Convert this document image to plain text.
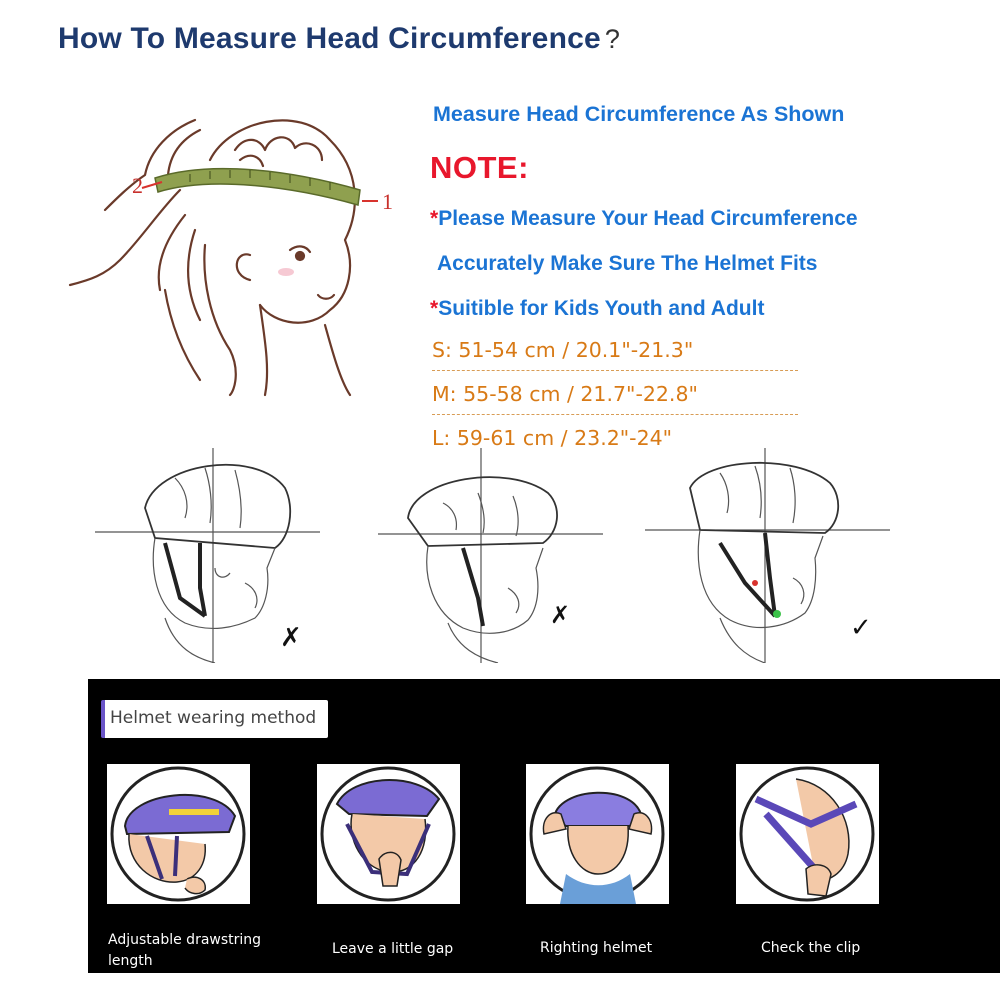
How To Measure Head Circumference ?
2
1
Measure Head Circumference As Shown
NOTE:
*Please Measure Your Head Circumference
Accurately Make Sure The Helmet Fits
*Suitible for Kids Youth and Adult
S: 51-54 cm / 20.1"-21.3"
M: 55-58 cm / 21.7"-22.8"
L: 59-61 cm / 23.2"-24"
✗
✗	✓
Helmet wearing method
Adjustable drawstring length
Leave a little gap	Righting helmet	Check the clip
